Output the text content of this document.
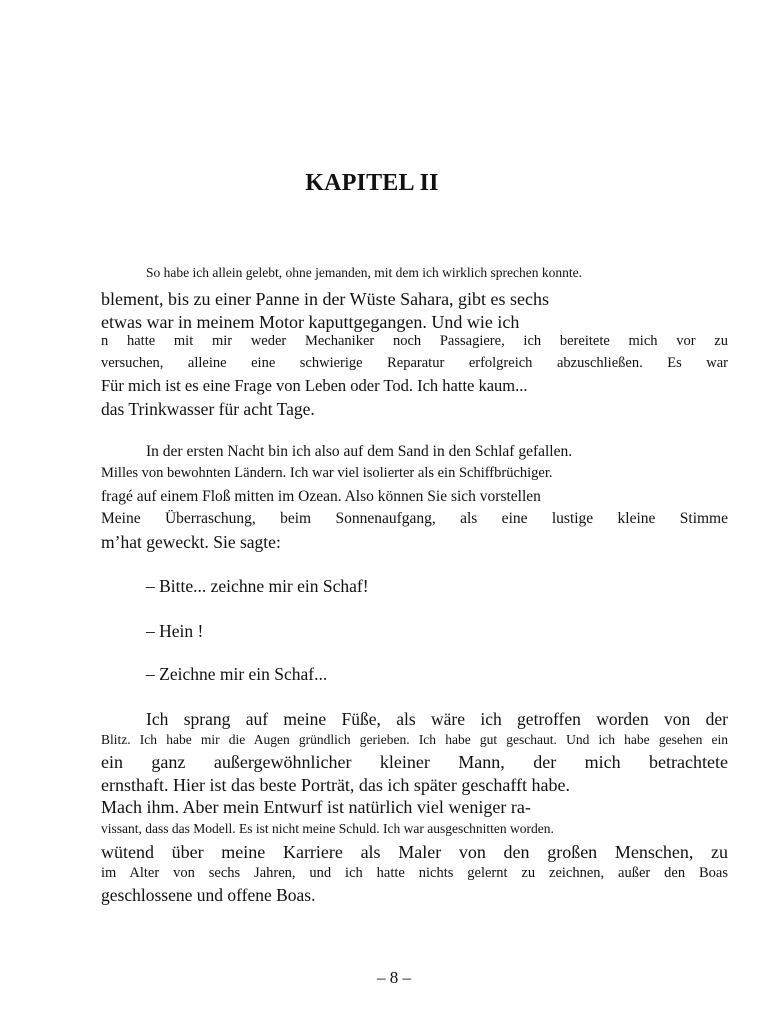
KAPITEL II
So habe ich allein gelebt, ohne jemanden, mit dem ich wirklich sprechen konnte.
blement, bis zu einer Panne in der Wüste Sahara, gibt es sechs
etwas war in meinem Motor kaputtgegangen. Und wie ich
n hatte mit mir weder Mechaniker noch Passagiere, ich bereitete mich vor zu
versuchen, alleine eine schwierige Reparatur erfolgreich abzuschließen. Es war
Für mich ist es eine Frage von Leben oder Tod. Ich hatte kaum...
das Trinkwasser für acht Tage.
In der ersten Nacht bin ich also auf dem Sand in den Schlaf gefallen.
Milles von bewohnten Ländern. Ich war viel isolierter als ein Schiffbrüchiger.
fragé auf einem Floß mitten im Ozean. Also können Sie sich vorstellen
Meine Überraschung, beim Sonnenaufgang, als eine lustige kleine Stimme
m’hat geweckt. Sie sagte:
– Bitte... zeichne mir ein Schaf!
– Hein !
– Zeichne mir ein Schaf...
Ich sprang auf meine Füße, als wäre ich getroffen worden von der
Blitz. Ich habe mir die Augen gründlich gerieben. Ich habe gut geschaut. Und ich habe gesehen ein
ein ganz außergewöhnlicher kleiner Mann, der mich betrachtete
ernsthaft. Hier ist das beste Porträt, das ich später geschafft habe.
Mach ihm. Aber mein Entwurf ist natürlich viel weniger ra-
vissant, dass das Modell. Es ist nicht meine Schuld. Ich war ausgeschnitten worden.
wütend über meine Karriere als Maler von den großen Menschen, zu
im Alter von sechs Jahren, und ich hatte nichts gelernt zu zeichnen, außer den Boas
geschlossene und offene Boas.
– 8 –
